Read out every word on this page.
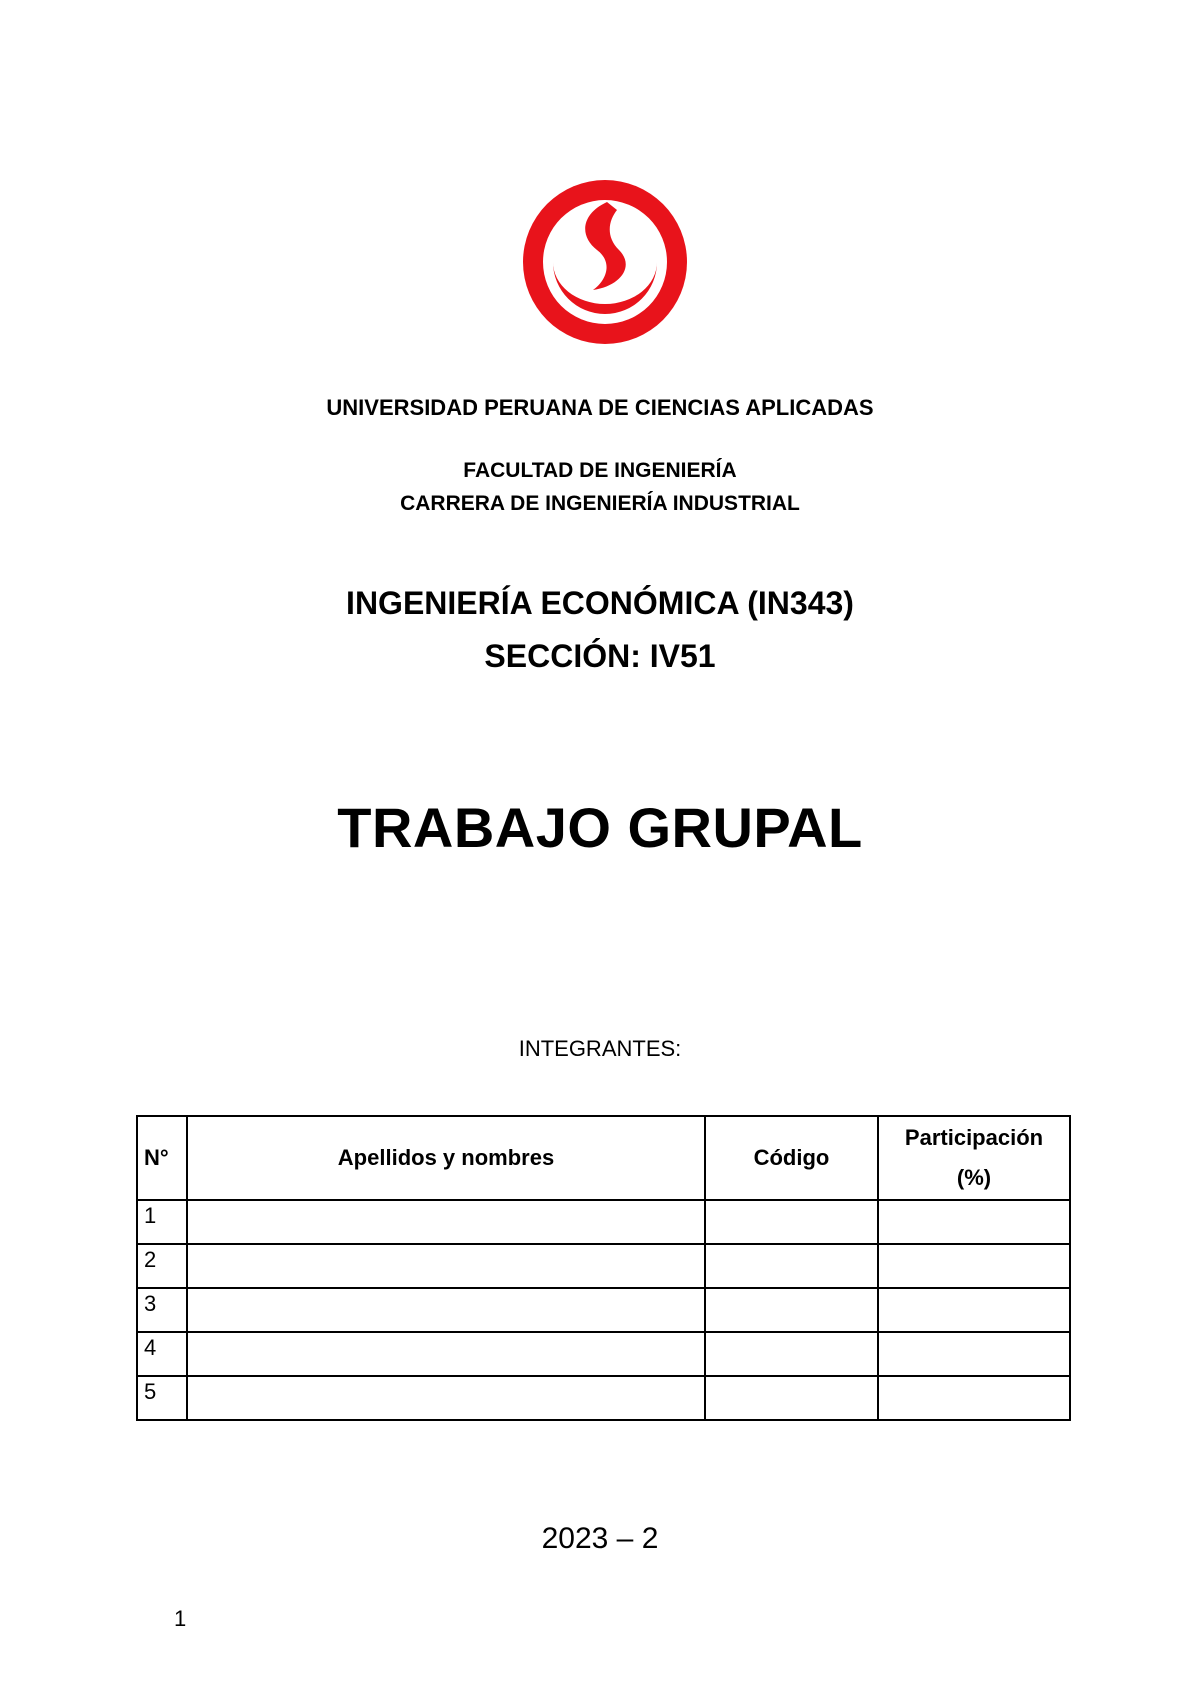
UNIVERSIDAD PERUANA DE CIENCIAS APLICADAS
FACULTAD DE INGENIERÍA
CARRERA DE INGENIERÍA INDUSTRIAL
INGENIERÍA ECONÓMICA (IN343)
SECCIÓN: IV51
TRABAJO GRUPAL
INTEGRANTES:
N°	Apellidos y nombres	Código	Participación
(%)

1			
2			
3			
4			
5			
2023 – 2
1
